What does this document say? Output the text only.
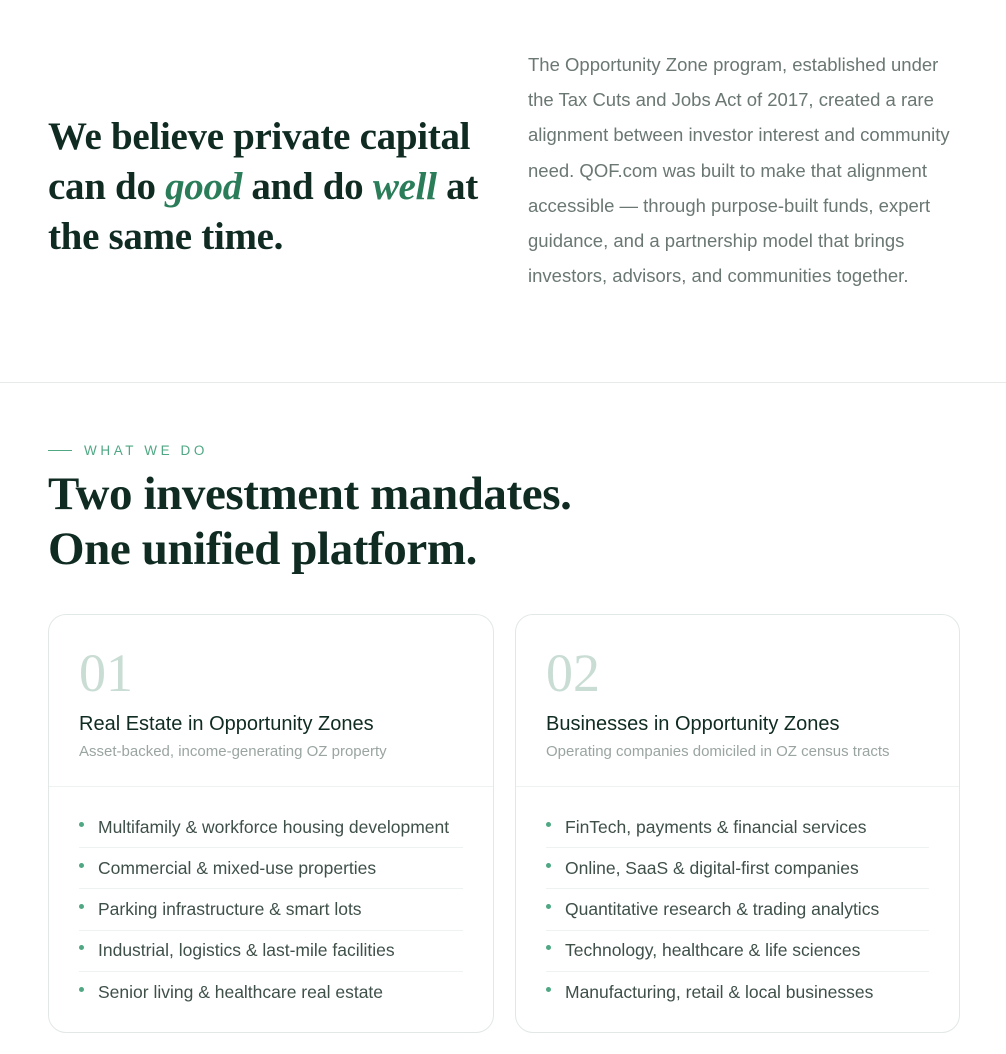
We believe private capital can do good and do well at the same time.

The Opportunity Zone program, established under the Tax Cuts and Jobs Act of 2017, created a rare alignment between investor interest and community need. QOF.com was built to make that alignment accessible — through purpose-built funds, expert guidance, and a partnership model that brings investors, advisors, and communities together.

WHAT WE DO
Two investment mandates.
One unified platform.
01
Real Estate in Opportunity Zones
Asset-backed, income-generating OZ property
Multifamily & workforce housing development
Commercial & mixed-use properties
Parking infrastructure & smart lots
Industrial, logistics & last-mile facilities
Senior living & healthcare real estate
02
Businesses in Opportunity Zones
Operating companies domiciled in OZ census tracts
FinTech, payments & financial services
Online, SaaS & digital-first companies
Quantitative research & trading analytics
Technology, healthcare & life sciences
Manufacturing, retail & local businesses
